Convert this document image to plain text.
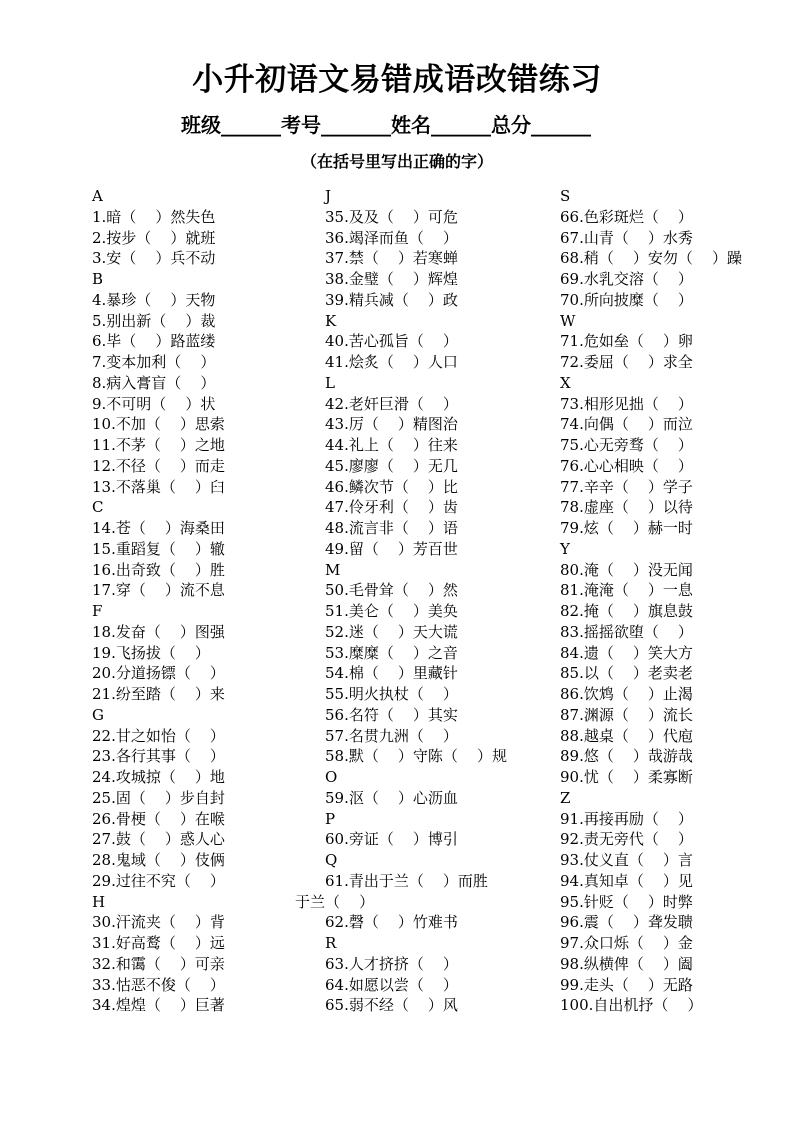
小升初语文易错成语改错练习
班级______考号_______姓名______总分______
（在括号里写出正确的字）
A
1.暗（    ）然失色
2.按步（    ）就班
3.安（    ）兵不动
B
4.暴珍（    ）天物
5.别出新（    ）裁
6.毕（    ）路蓝缕
7.变本加利（    ）
8.病入膏盲（    ）
9.不可明（    ）状
10.不加（    ）思索
11.不茅（    ）之地
12.不径（    ）而走
13.不落巢（    ）臼
C
14.苍（    ）海桑田
15.重蹈复（    ）辙
16.出奇致（    ）胜
17.穿（    ）流不息
F
18.发奋（    ）图强
19.飞扬拔（    ）
20.分道扬镖（    ）
21.纷至踏（    ）来
G
22.甘之如怡（    ）
23.各行其事（    ）
24.攻城掠（    ）地
25.固（    ）步自封
26.骨梗（    ）在喉
27.鼓（    ）惑人心
28.鬼域（    ）伎俩
29.过往不究（    ）
H
30.汗流夹（    ）背
31.好高鹜（    ）远
32.和霭（    ）可亲
33.怙恶不俊（    ）
34.煌煌（    ）巨著
J
35.及及（    ）可危
36.竭泽而鱼（    ）
37.禁（    ）若寒蝉
38.金璧（    ）辉煌
39.精兵减（    ）政
K
40.苦心孤旨（    ）
41.烩炙（    ）人口
L
42.老奸巨滑（    ）
43.厉（    ）精图治
44.礼上（    ）往来
45.廖廖（    ）无几
46.鳞次节（    ）比
47.伶牙利（    ）齿
48.流言非（    ）语
49.留（    ）芳百世
M
50.毛骨耸（    ）然
51.美仑（    ）美奂
52.迷（    ）天大谎
53.糜糜（    ）之音
54.棉（    ）里藏针
55.明火执杖（    ）
56.名符（    ）其实
57.名贯九洲（    ）
58.默（    ）守陈（    ）规
O
59.沤（    ）心沥血
P
60.旁证（    ）博引
Q
61.青出于兰（    ）而胜
于兰（    ）
62.磬（    ）竹难书
R
63.人才挤挤（    ）
64.如愿以尝（    ）
65.弱不经（    ）风
S
66.色彩斑烂（    ）
67.山青（    ）水秀
68.稍（    ）安勿（    ）躁
69.水乳交溶（    ）
70.所向披糜（    ）
W
71.危如垒（    ）卵
72.委屈（    ）求全
X
73.相形见拙（    ）
74.向偶（    ）而泣
75.心无旁骛（    ）
76.心心相映（    ）
77.辛辛（    ）学子
78.虚座（    ）以待
79.炫（    ）赫一时
Y
80.淹（    ）没无闻
81.淹淹（    ）一息
82.掩（    ）旗息鼓
83.摇摇欲堕（    ）
84.遗（    ）笑大方
85.以（    ）老卖老
86.饮鸩（    ）止渴
87.渊源（    ）流长
88.越桌（    ）代庖
89.悠（    ）哉游哉
90.忧（    ）柔寡断
Z
91.再接再励（    ）
92.责无旁代（    ）
93.仗义直（    ）言
94.真知卓（    ）见
95.针贬（    ）时弊
96.震（    ）聋发聩
97.众口烁（    ）金
98.纵横俾（    ）阖
99.走头（    ）无路
100.自出机抒（    ）
